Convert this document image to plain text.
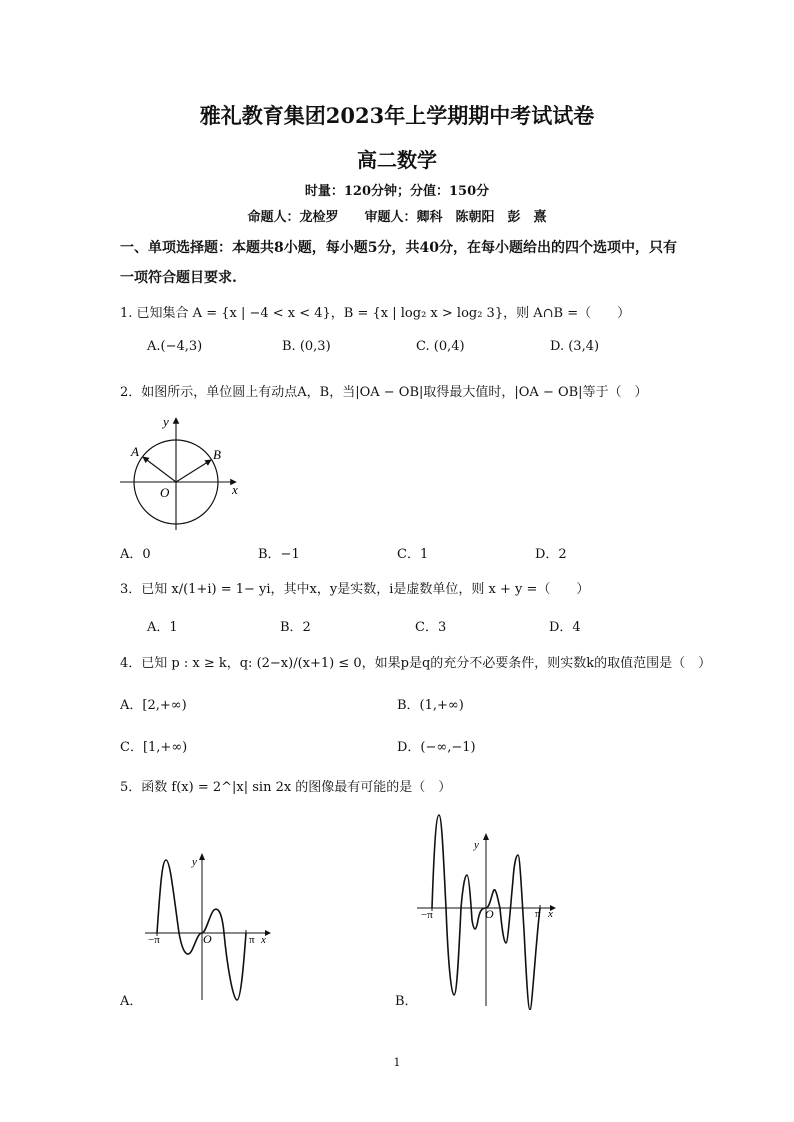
雅礼教育集团2023年上学期期中考试试卷
高二数学
时量：120分钟；分值：150分
命题人：龙检罗　　审题人：卿科　陈朝阳　彭　熹
一、单项选择题：本题共8小题，每小题5分，共40分，在每小题给出的四个选项中，只有一项符合题目要求.
1. 已知集合 A = {x | −4 < x < 4}，B = {x | log₂ x > log₂ 3}，则 A∩B =（　　）
A.(−4,3)	B. (0,3)	C. (0,4)	D. (3,4)
2．如图所示，单位圆上有动点A，B，当|OA − OB|取得最大值时，|OA − OB|等于（　）
y
x
O
A	B
A．0	B．−1	C．1	D．2
3．已知 x/(1+i) = 1− yi，其中x，y是实数，i是虚数单位，则 x + y =（　　）
A．1	B．2	C．3	D．4
4．已知 p : x ≥ k，q: (2−x)/(x+1) ≤ 0，如果p是q的充分不必要条件，则实数k的取值范围是（　）
A．[2,+∞)	B．(1,+∞)
C．[1,+∞)	D．(−∞,−1)
5．函数 f(x) = 2^|x| sin 2x 的图像最有可能的是（　）
y
O
−π	π x
A．
y
O
−π	π x
B．
1
